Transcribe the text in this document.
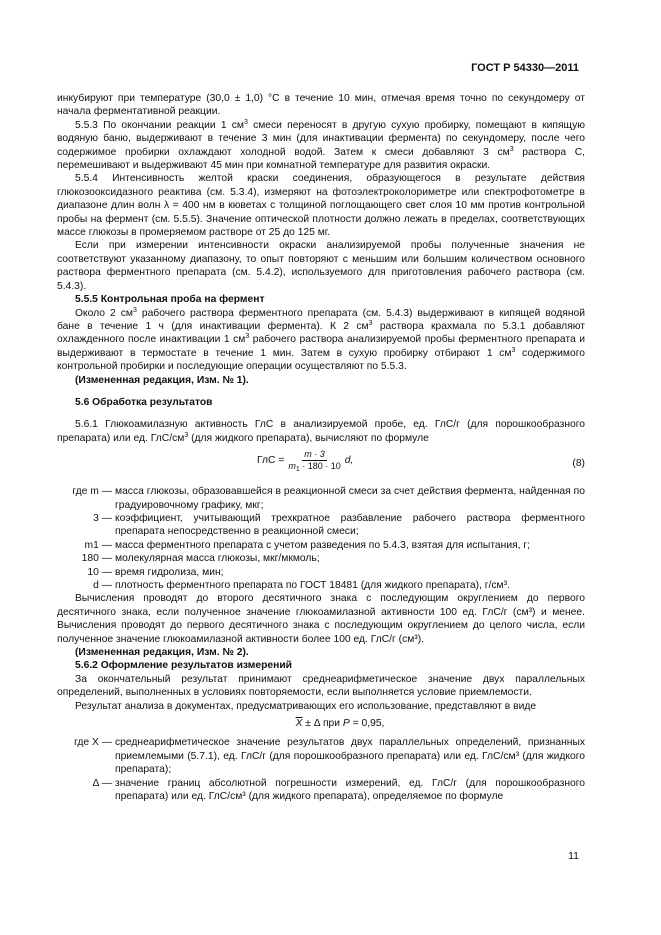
ГОСТ Р 54330—2011

инкубируют при температуре (30,0 ± 1,0) °С в течение 10 мин, отмечая время точно по секундомеру от начала ферментативной реакции.

5.5.3 По окончании реакции 1 $см^3$ смеси переносят в другую сухую пробирку, помещают в кипящую водяную баню, выдерживают в течение 3 мин (для инактивации фермента) по секундомеру, после чего содержимое пробирки охлаждают холодной водой. Затем к смеси добавляют 3 $см^3$ раствора С, перемешивают и выдерживают 45 мин при комнатной температуре для развития окраски.

5.5.4 Интенсивность желтой краски соединения, образующегося в результате действия глюкозооксидазного реактива (см. 5.3.4), измеряют на фотоэлектроколориметре или спектрофотометре в диапазоне длин волн λ = 400 нм в кюветах с толщиной поглощающего свет слоя 10 мм против контрольной пробы на фермент (см. 5.5.5). Значение оптической плотности должно лежать в пределах, соответствующих массе глюкозы в промеряемом растворе от 25 до 125 мг.

Если при измерении интенсивности окраски анализируемой пробы полученные значения не соответствуют указанному диапазону, то опыт повторяют с меньшим или большим количеством основного раствора ферментного препарата (см. 5.4.2), используемого для приготовления рабочего раствора (см. 5.4.3).

5.5.5 Контрольная проба на фермент

Около 2 $см^3$ рабочего раствора ферментного препарата (см. 5.4.3) выдерживают в кипящей водяной бане в течение 1 ч (для инактивации фермента). К 2 $см^3$ раствора крахмала по 5.3.1 добавляют охлажденного после инактивации 1 $см^3$ рабочего раствора анализируемой пробы ферментного препарата и выдерживают в термостате в течение 1 мин. Затем в сухую пробирку отбирают 1 $см^3$ содержимого контрольной пробирки и последующие операции осуществляют по 5.5.3.

(Измененная редакция, Изм. № 1).

5.6 Обработка результатов

5.6.1 Глюкоамилазную активность ГлС в анализируемой пробе, ед. ГлС/г (для порошкообразного препарата) или ед. ГлС/$см^3$ (для жидкого препарата), вычисляют по формуле

ГлС = $\frac{m \cdot 3}{m_1 \cdot 180 \cdot 10} d$,	(8)
где m — масса глюкозы, образовавшейся в реакционной смеси за счет действия фермента, найденная по градуировочному графику, мкг;
3 — коэффициент, учитывающий трехкратное разбавление рабочего раствора ферментного препарата непосредственно в реакционной смеси;
m1 — масса ферментного препарата с учетом разведения по 5.4.3, взятая для испытания, г;
180 — молекулярная масса глюкозы, мкг/мкмоль;
10 — время гидролиза, мин;
d — плотность ферментного препарата по ГОСТ 18481 (для жидкого препарата), г/см³.

Вычисления проводят до второго десятичного знака с последующим округлением до первого десятичного знака, если полученное значение глюкоамилазной активности 100 ед. ГлС/г (см³) и менее. Вычисления проводят до первого десятичного знака с последующим округлением до целого числа, если полученное значение глюкоамилазной активности более 100 ед. ГлС/г (см³).

(Измененная редакция, Изм. № 2).

5.6.2 Оформление результатов измерений

За окончательный результат принимают среднеарифметическое значение двух параллельных определений, выполненных в условиях повторяемости, если выполняется условие приемлемости.

Результат анализа в документах, предусматривающих его использование, представляют в виде

$\overline{X} \pm \Delta$ при P = 0,95,
где X — среднеарифметическое значение результатов двух параллельных определений, признанных приемлемыми (5.7.1), ед. ГлС/г (для порошкообразного препарата) или ед. ГлС/см³ (для жидкого препарата);
Δ — значение границ абсолютной погрешности измерений, ед. ГлС/г (для порошкообразного препарата) или ед. ГлС/см³ (для жидкого препарата), определяемое по формуле
11
